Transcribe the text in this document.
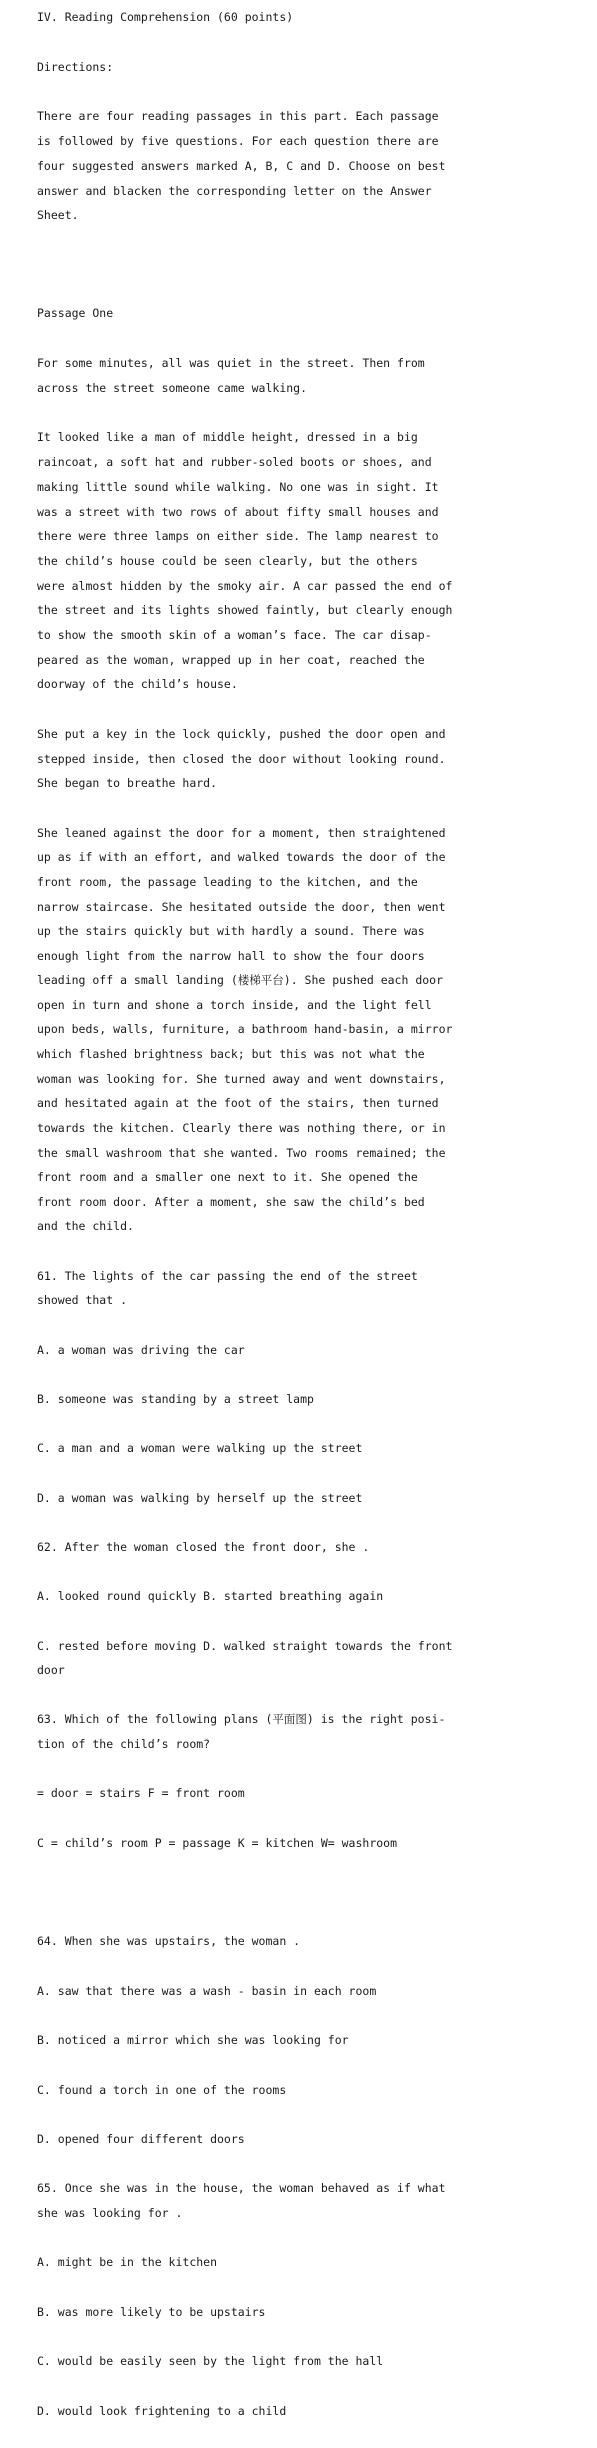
IV. Reading Comprehension (60 points)
Directions:
There are four reading passages in this part. Each passage
is followed by five questions. For each question there are
four suggested answers marked A, B, C and D. Choose on best
answer and blacken the corresponding letter on the Answer
Sheet.
Passage One
For some minutes, all was quiet in the street. Then from
across the street someone came walking.
It looked like a man of middle height, dressed in a big
raincoat, a soft hat and rubber-soled boots or shoes, and
making little sound while walking. No one was in sight. It
was a street with two rows of about fifty small houses and
there were three lamps on either side. The lamp nearest to
the child’s house could be seen clearly, but the others
were almost hidden by the smoky air. A car passed the end of
the street and its lights showed faintly, but clearly enough
to show the smooth skin of a woman’s face. The car disap-
peared as the woman, wrapped up in her coat, reached the
doorway of the child’s house.
She put a key in the lock quickly, pushed the door open and
stepped inside, then closed the door without looking round.
She began to breathe hard.
She leaned against the door for a moment, then straightened
up as if with an effort, and walked towards the door of the
front room, the passage leading to the kitchen, and the
narrow staircase. She hesitated outside the door, then went
up the stairs quickly but with hardly a sound. There was
enough light from the narrow hall to show the four doors
leading off a small landing (楼梯平台). She pushed each door
open in turn and shone a torch inside, and the light fell
upon beds, walls, furniture, a bathroom hand-basin, a mirror
which flashed brightness back; but this was not what the
woman was looking for. She turned away and went downstairs,
and hesitated again at the foot of the stairs, then turned
towards the kitchen. Clearly there was nothing there, or in
the small washroom that she wanted. Two rooms remained; the
front room and a smaller one next to it. She opened the
front room door. After a moment, she saw the child’s bed
and the child.
61. The lights of the car passing the end of the street
showed that .
A. a woman was driving the car
B. someone was standing by a street lamp
C. a man and a woman were walking up the street
D. a woman was walking by herself up the street
62. After the woman closed the front door, she .
A. looked round quickly B. started breathing again
C. rested before moving D. walked straight towards the front
door
63. Which of the following plans (平面图) is the right posi-
tion of the child’s room?
= door = stairs F = front room
C = child’s room P = passage K = kitchen W= washroom
64. When she was upstairs, the woman .
A. saw that there was a wash - basin in each room
B. noticed a mirror which she was looking for
C. found a torch in one of the rooms
D. opened four different doors
65. Once she was in the house, the woman behaved as if what
she was looking for .
A. might be in the kitchen
B. was more likely to be upstairs
C. would be easily seen by the light from the hall
D. would look frightening to a child
